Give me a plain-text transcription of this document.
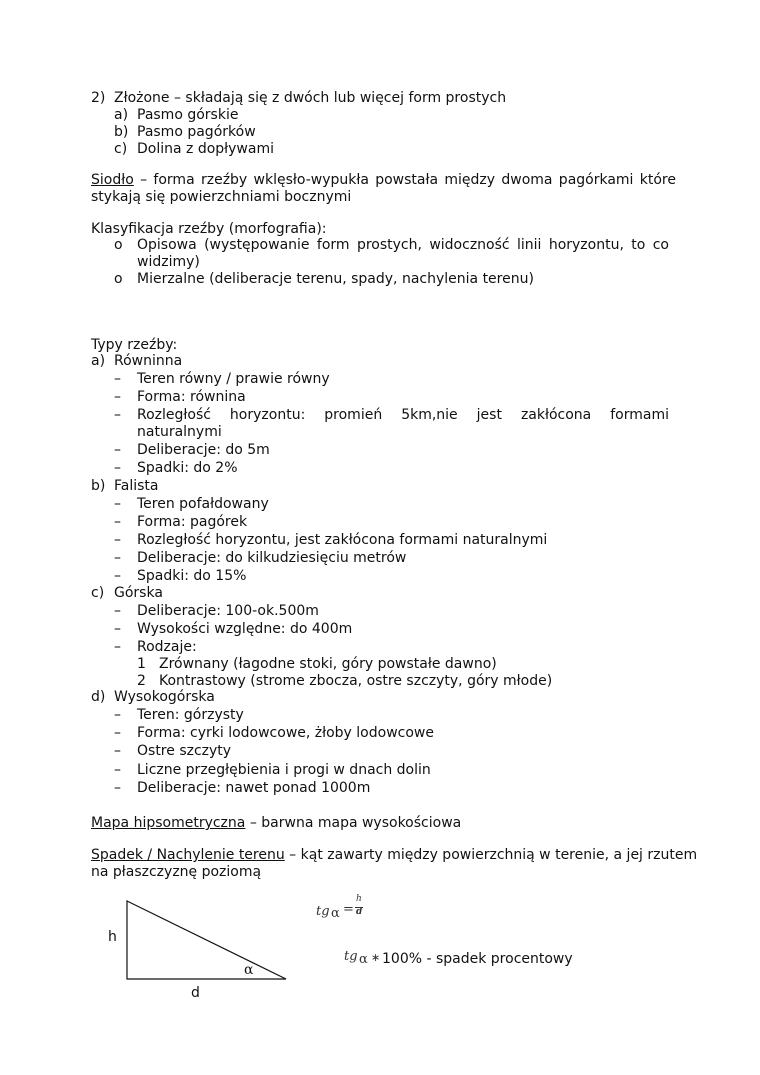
2) Złożone – składają się z dwóch lub więcej form prostych
a) Pasmo górskie
b) Pasmo pagórków
c) Dolina z dopływami
Siodło – forma rzeźby wklęsło-wypukła powstała między dwoma pagórkami które
stykają się powierzchniami bocznymi
Klasyfikacja rzeźby (morfografia):
o Opisowa (występowanie form prostych, widoczność linii horyzontu, to co
widzimy)
o Mierzalne (deliberacje terenu, spady, nachylenia terenu)
Typy rzeźby:
a) Równinna
– Teren równy / prawie równy
– Forma: równina
– Rozległość horyzontu: promień 5km,nie jest zakłócona formami
naturalnymi
– Deliberacje: do 5m
– Spadki: do 2%
b) Falista
– Teren pofałdowany
– Forma: pagórek
– Rozległość horyzontu, jest zakłócona formami naturalnymi
– Deliberacje: do kilkudziesięciu metrów
– Spadki: do 15%
c) Górska
– Deliberacje: 100-ok.500m
– Wysokości względne: do 400m
– Rodzaje:
1 Zrównany (łagodne stoki, góry powstałe dawno)
2 Kontrastowy (strome zbocza, ostre szczyty, góry młode)
d) Wysokogórska
– Teren: górzysty
– Forma: cyrki lodowcowe, żłoby lodowcowe
– Ostre szczyty
– Liczne przegłębienia i progi w dnach dolin
– Deliberacje: nawet ponad 1000m
Mapa hipsometryczna – barwna mapa wysokościowa
Spadek / Nachylenie terenu – kąt zawarty między powierzchnią w terenie, a jej rzutem
na płaszczyznę poziomą
h
α
d
tg α =
h
d
tg α ∗ 100% - spadek procentowy
